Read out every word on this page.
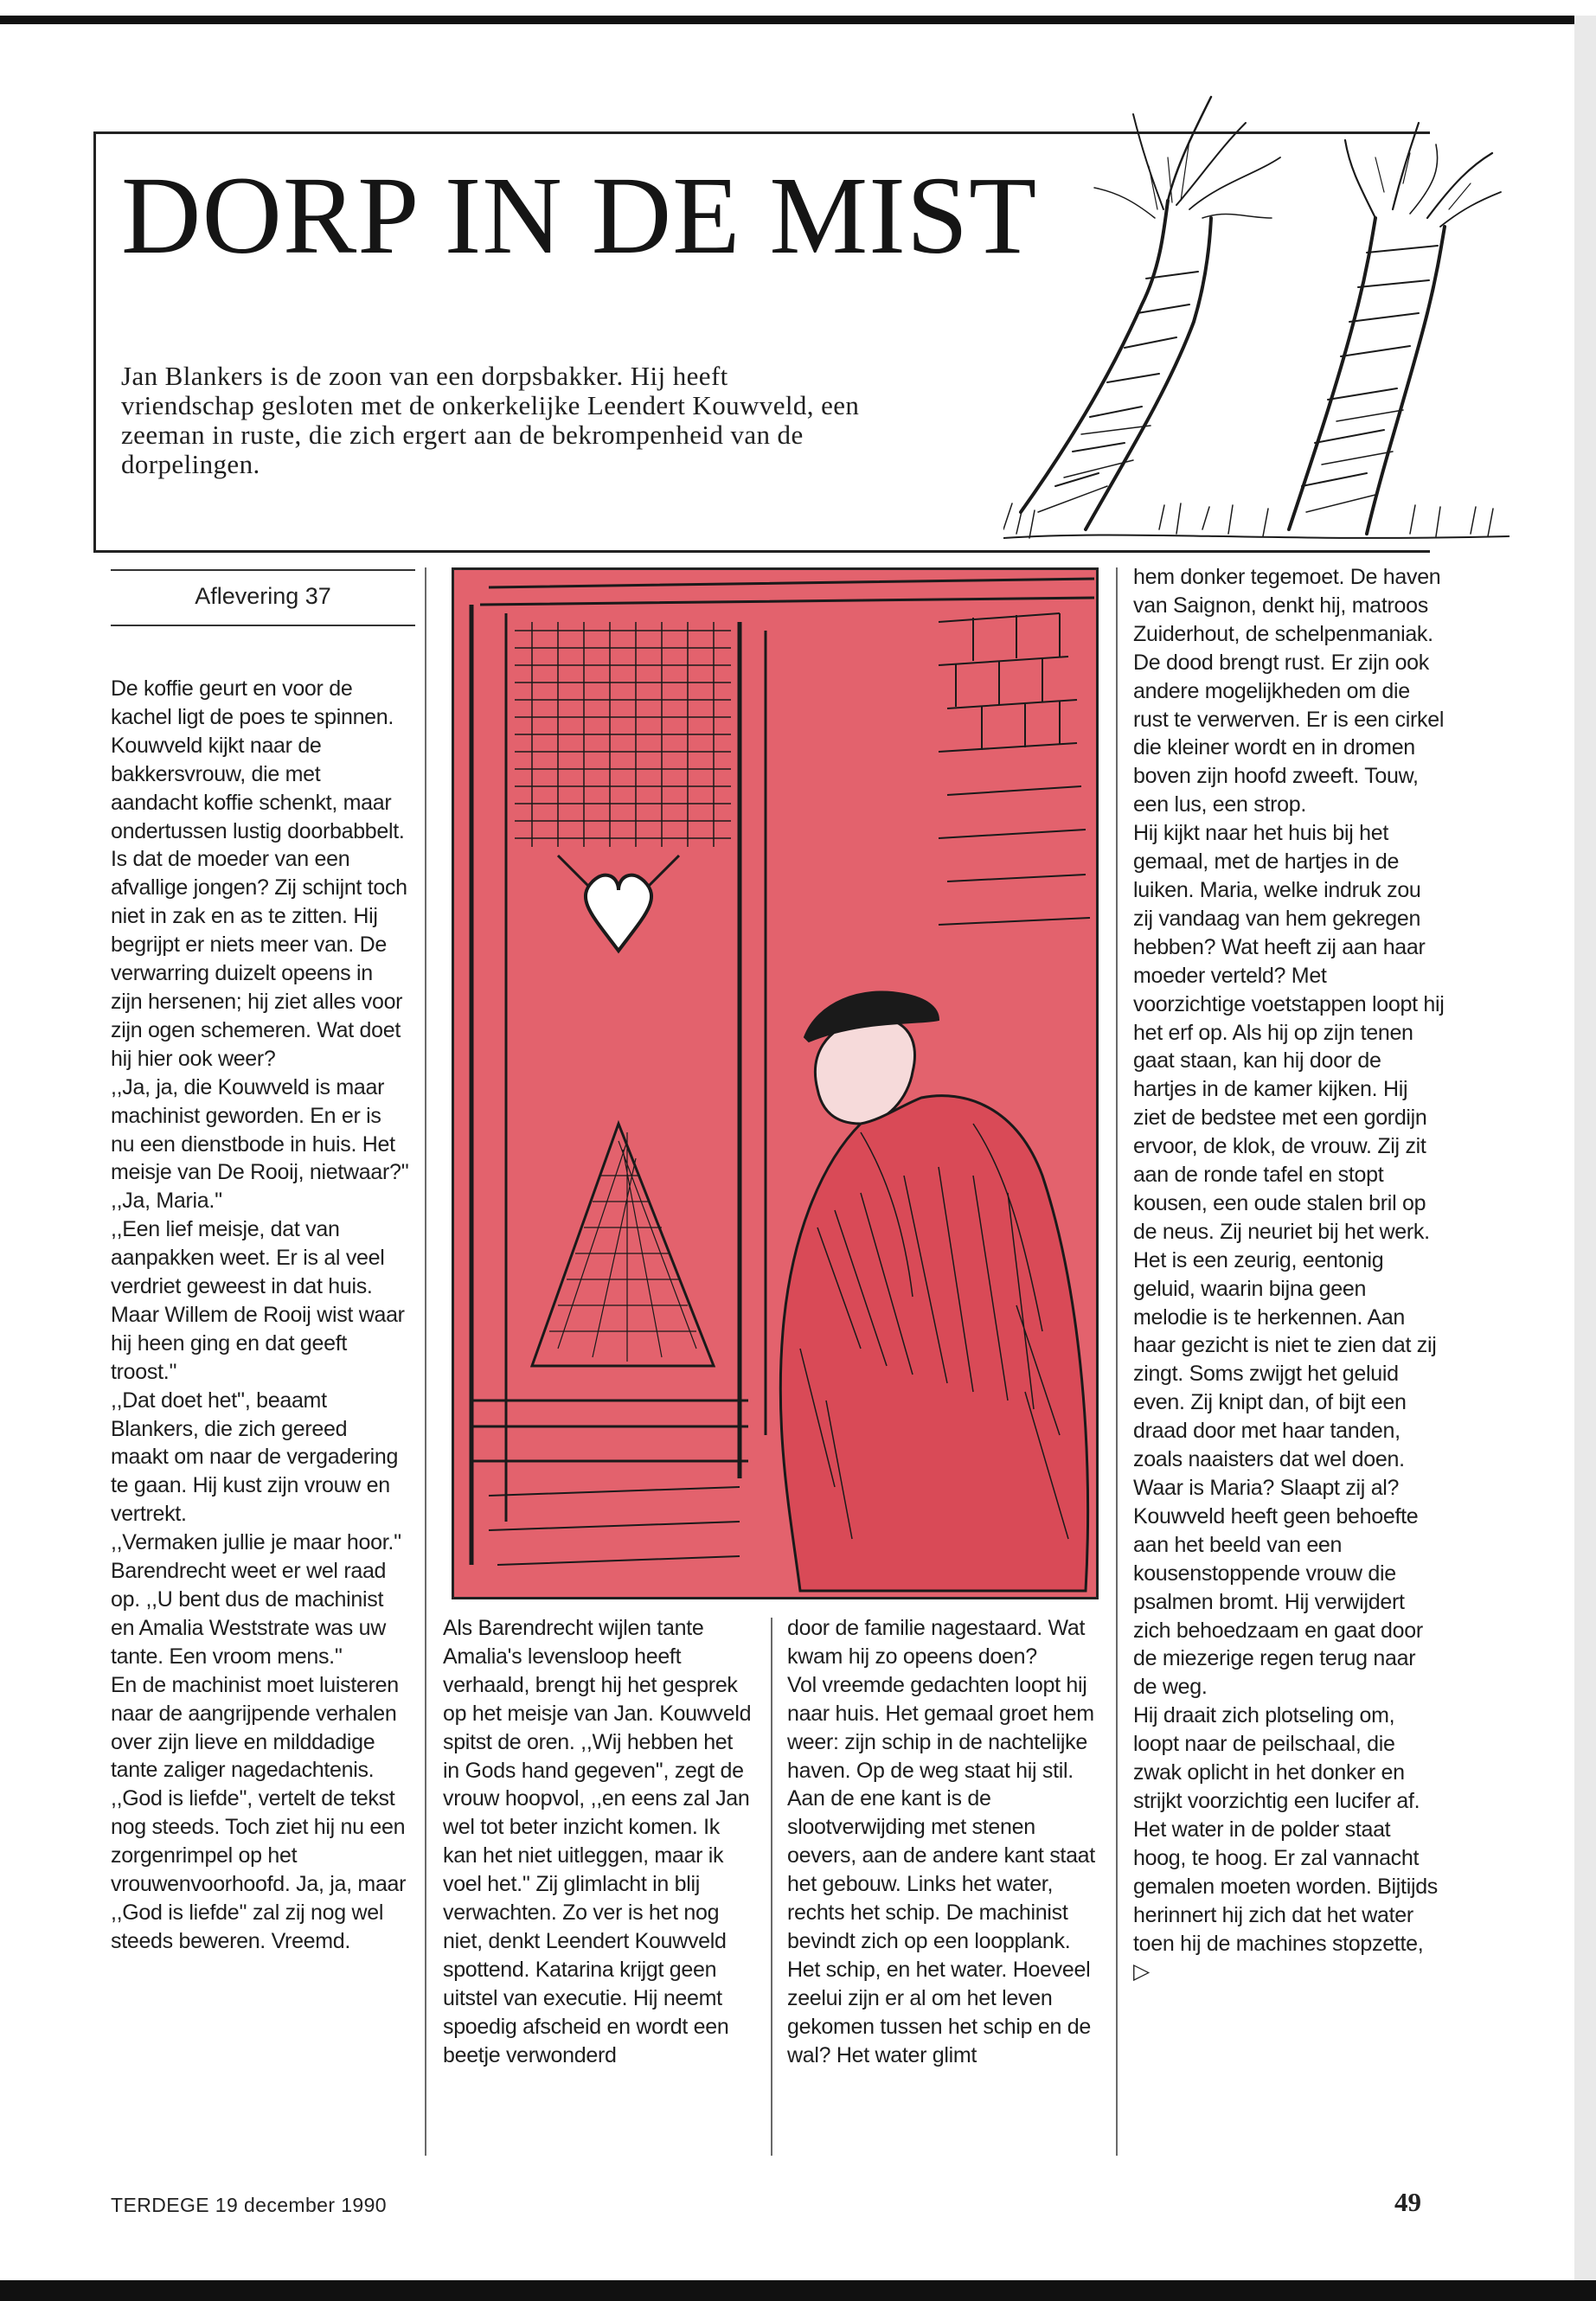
DORP IN DE MIST

Jan Blankers is de zoon van een dorpsbakker. Hij heeft vriendschap gesloten met de onkerkelijke Leendert Kouwveld, een zeeman in ruste, die zich ergert aan de bekrompenheid van de dorpelingen.

Aflevering 37

De koffie geurt en voor de kachel ligt de poes te spinnen. Kouwveld kijkt naar de bakkersvrouw, die met aandacht koffie schenkt, maar ondertussen lustig doorbabbelt. Is dat de moeder van een afvallige jongen? Zij schijnt toch niet in zak en as te zitten. Hij begrijpt er niets meer van. De verwarring duizelt opeens in zijn hersenen; hij ziet alles voor zijn ogen schemeren. Wat doet hij hier ook weer?

,,Ja, ja, die Kouwveld is maar machinist geworden. En er is nu een dienstbode in huis. Het meisje van De Rooij, nietwaar?''

,,Ja, Maria.''

,,Een lief meisje, dat van aanpakken weet. Er is al veel verdriet geweest in dat huis. Maar Willem de Rooij wist waar hij heen ging en dat geeft troost.''

,,Dat doet het'', beaamt Blankers, die zich gereed maakt om naar de vergadering te gaan. Hij kust zijn vrouw en vertrekt.

,,Vermaken jullie je maar hoor.''

Barendrecht weet er wel raad op. ,,U bent dus de machinist en Amalia Weststrate was uw tante. Een vroom mens.''

En de machinist moet luisteren naar de aangrijpende verhalen over zijn lieve en milddadige tante zaliger nagedachtenis.

,,God is liefde'', vertelt de tekst nog steeds. Toch ziet hij nu een zorgenrimpel op het vrouwenvoorhoofd. Ja, ja, maar ,,God is liefde'' zal zij nog wel steeds beweren. Vreemd.

Als Barendrecht wijlen tante Amalia's levensloop heeft verhaald, brengt hij het gesprek op het meisje van Jan. Kouwveld spitst de oren. ,,Wij hebben het in Gods hand gegeven'', zegt de vrouw hoopvol, ,,en eens zal Jan wel tot beter inzicht komen. Ik kan het niet uitleggen, maar ik voel het.'' Zij glimlacht in blij verwachten. Zo ver is het nog niet, denkt Leendert Kouwveld spottend. Katarina krijgt geen uitstel van executie. Hij neemt spoedig afscheid en wordt een beetje verwonderd

door de familie nagestaard. Wat kwam hij zo opeens doen?

Vol vreemde gedachten loopt hij naar huis. Het gemaal groet hem weer: zijn schip in de nachtelijke haven. Op de weg staat hij stil. Aan de ene kant is de slootverwijding met stenen oevers, aan de andere kant staat het gebouw. Links het water, rechts het schip. De machinist bevindt zich op een loopplank. Het schip, en het water. Hoeveel zeelui zijn er al om het leven gekomen tussen het schip en de wal? Het water glimt

hem donker tegemoet. De haven van Saignon, denkt hij, matroos Zuiderhout, de schelpenmaniak. De dood brengt rust. Er zijn ook andere mogelijkheden om die rust te verwerven. Er is een cirkel die kleiner wordt en in dromen boven zijn hoofd zweeft. Touw, een lus, een strop.

Hij kijkt naar het huis bij het gemaal, met de hartjes in de luiken. Maria, welke indruk zou zij vandaag van hem gekregen hebben? Wat heeft zij aan haar moeder verteld? Met voorzichtige voetstappen loopt hij het erf op. Als hij op zijn tenen gaat staan, kan hij door de hartjes in de kamer kijken. Hij ziet de bedstee met een gordijn ervoor, de klok, de vrouw. Zij zit aan de ronde tafel en stopt kousen, een oude stalen bril op de neus. Zij neuriet bij het werk. Het is een zeurig, eentonig geluid, waarin bijna geen melodie is te herkennen. Aan haar gezicht is niet te zien dat zij zingt. Soms zwijgt het geluid even. Zij knipt dan, of bijt een draad door met haar tanden, zoals naaisters dat wel doen. Waar is Maria? Slaapt zij al? Kouwveld heeft geen behoefte aan het beeld van een kousenstoppende vrouw die psalmen bromt. Hij verwijdert zich behoedzaam en gaat door de miezerige regen terug naar de weg.

Hij draait zich plotseling om, loopt naar de peilschaal, die zwak oplicht in het donker en strijkt voorzichtig een lucifer af. Het water in de polder staat hoog, te hoog. Er zal vannacht gemalen moeten worden. Bijtijds herinnert hij zich dat het water toen hij de machines stopzette, ▷

TERDEGE 19 december 1990	49
